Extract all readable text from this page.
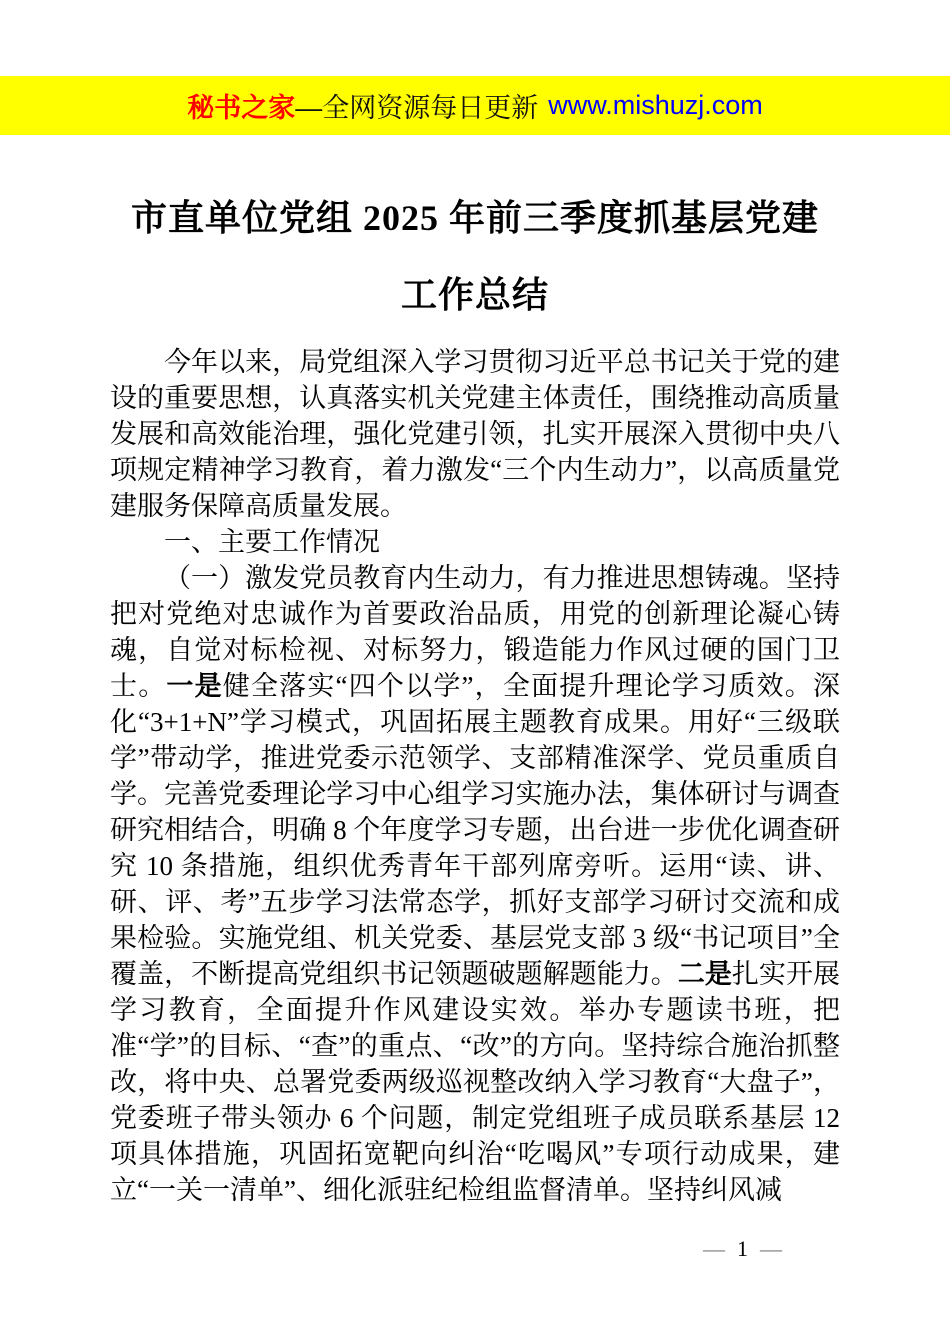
秘书之家 —全网资源每日更新 www.mishuzj.com
市直单位党组 2025 年前三季度抓基层党建
工作总结

今年以来，局党组深入学习贯彻习近平总书记关于党的建设的重要思想，认真落实机关党建主体责任，围绕推动高质量发展和高效能治理，强化党建引领，扎实开展深入贯彻中央八项规定精神学习教育，着力激发“三个内生动力”，以高质量党建服务保障高质量发展。

一、主要工作情况

（一）激发党员教育内生动力，有力推进思想铸魂。坚持把对党绝对忠诚作为首要政治品质，用党的创新理论凝心铸魂，自觉对标检视、对标努力，锻造能力作风过硬的国门卫士。一是健全落实“四个以学”，全面提升理论学习质效。深化“3+1+N”学习模式，巩固拓展主题教育成果。用好“三级联学”带动学，推进党委示范领学、支部精准深学、党员重质自学。完善党委理论学习中心组学习实施办法，集体研讨与调查研究相结合，明确 8 个年度学习专题，出台进一步优化调查研究 10 条措施，组织优秀青年干部列席旁听。运用“读、讲、研、评、考”五步学习法常态学，抓好支部学习研讨交流和成果检验。实施党组、机关党委、基层党支部 3 级“书记项目”全覆盖，不断提高党组织书记领题破题解题能力。二是扎实开展学习教育，全面提升作风建设实效。举办专题读书班，把准“学”的目标、“查”的重点、“改”的方向。坚持综合施治抓整改，将中央、总署党委两级巡视整改纳入学习教育“大盘子”，党委班子带头领办 6 个问题，制定党组班子成员联系基层 12 项具体措施，巩固拓宽靶向纠治“吃喝风”专项行动成果，建立“一关一清单”、细化派驻纪检组监督清单。坚持纠风减

— 1 —
